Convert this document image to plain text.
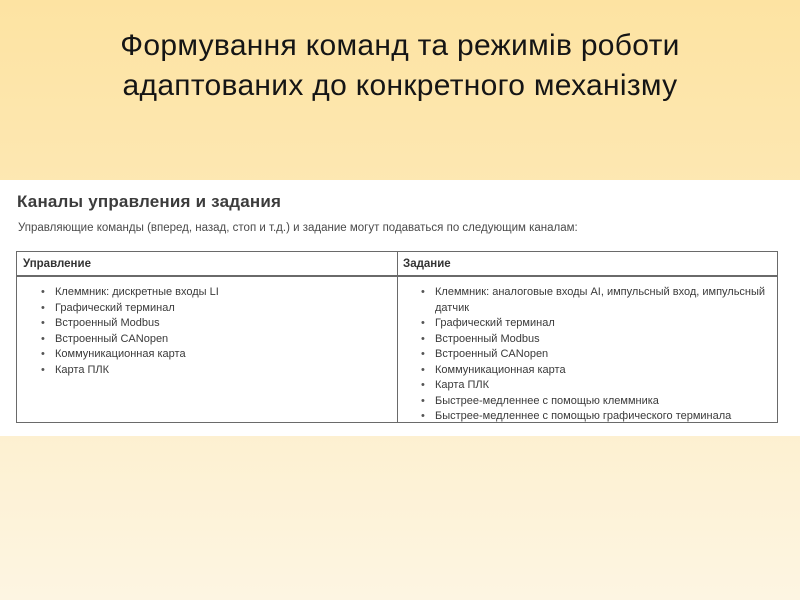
Формування команд та режимів роботи
адаптованих до конкретного механізму
Каналы управления и задания
Управляющие команды (вперед, назад, стоп и т.д.) и задание могут подаваться по следующим каналам:
Управление	Задание
• Клеммник: дискретные входы LI
• Графический терминал
• Встроенный Modbus
• Встроенный CANopen
• Коммуникационная карта
• Карта ПЛК
• Клеммник: аналоговые входы AI, импульсный вход, импульсный датчик
• Графический терминал
• Встроенный Modbus
• Встроенный CANopen
• Коммуникационная карта
• Карта ПЛК
• Быстрее-медленнее с помощью клеммника
• Быстрее-медленнее с помощью графического терминала
